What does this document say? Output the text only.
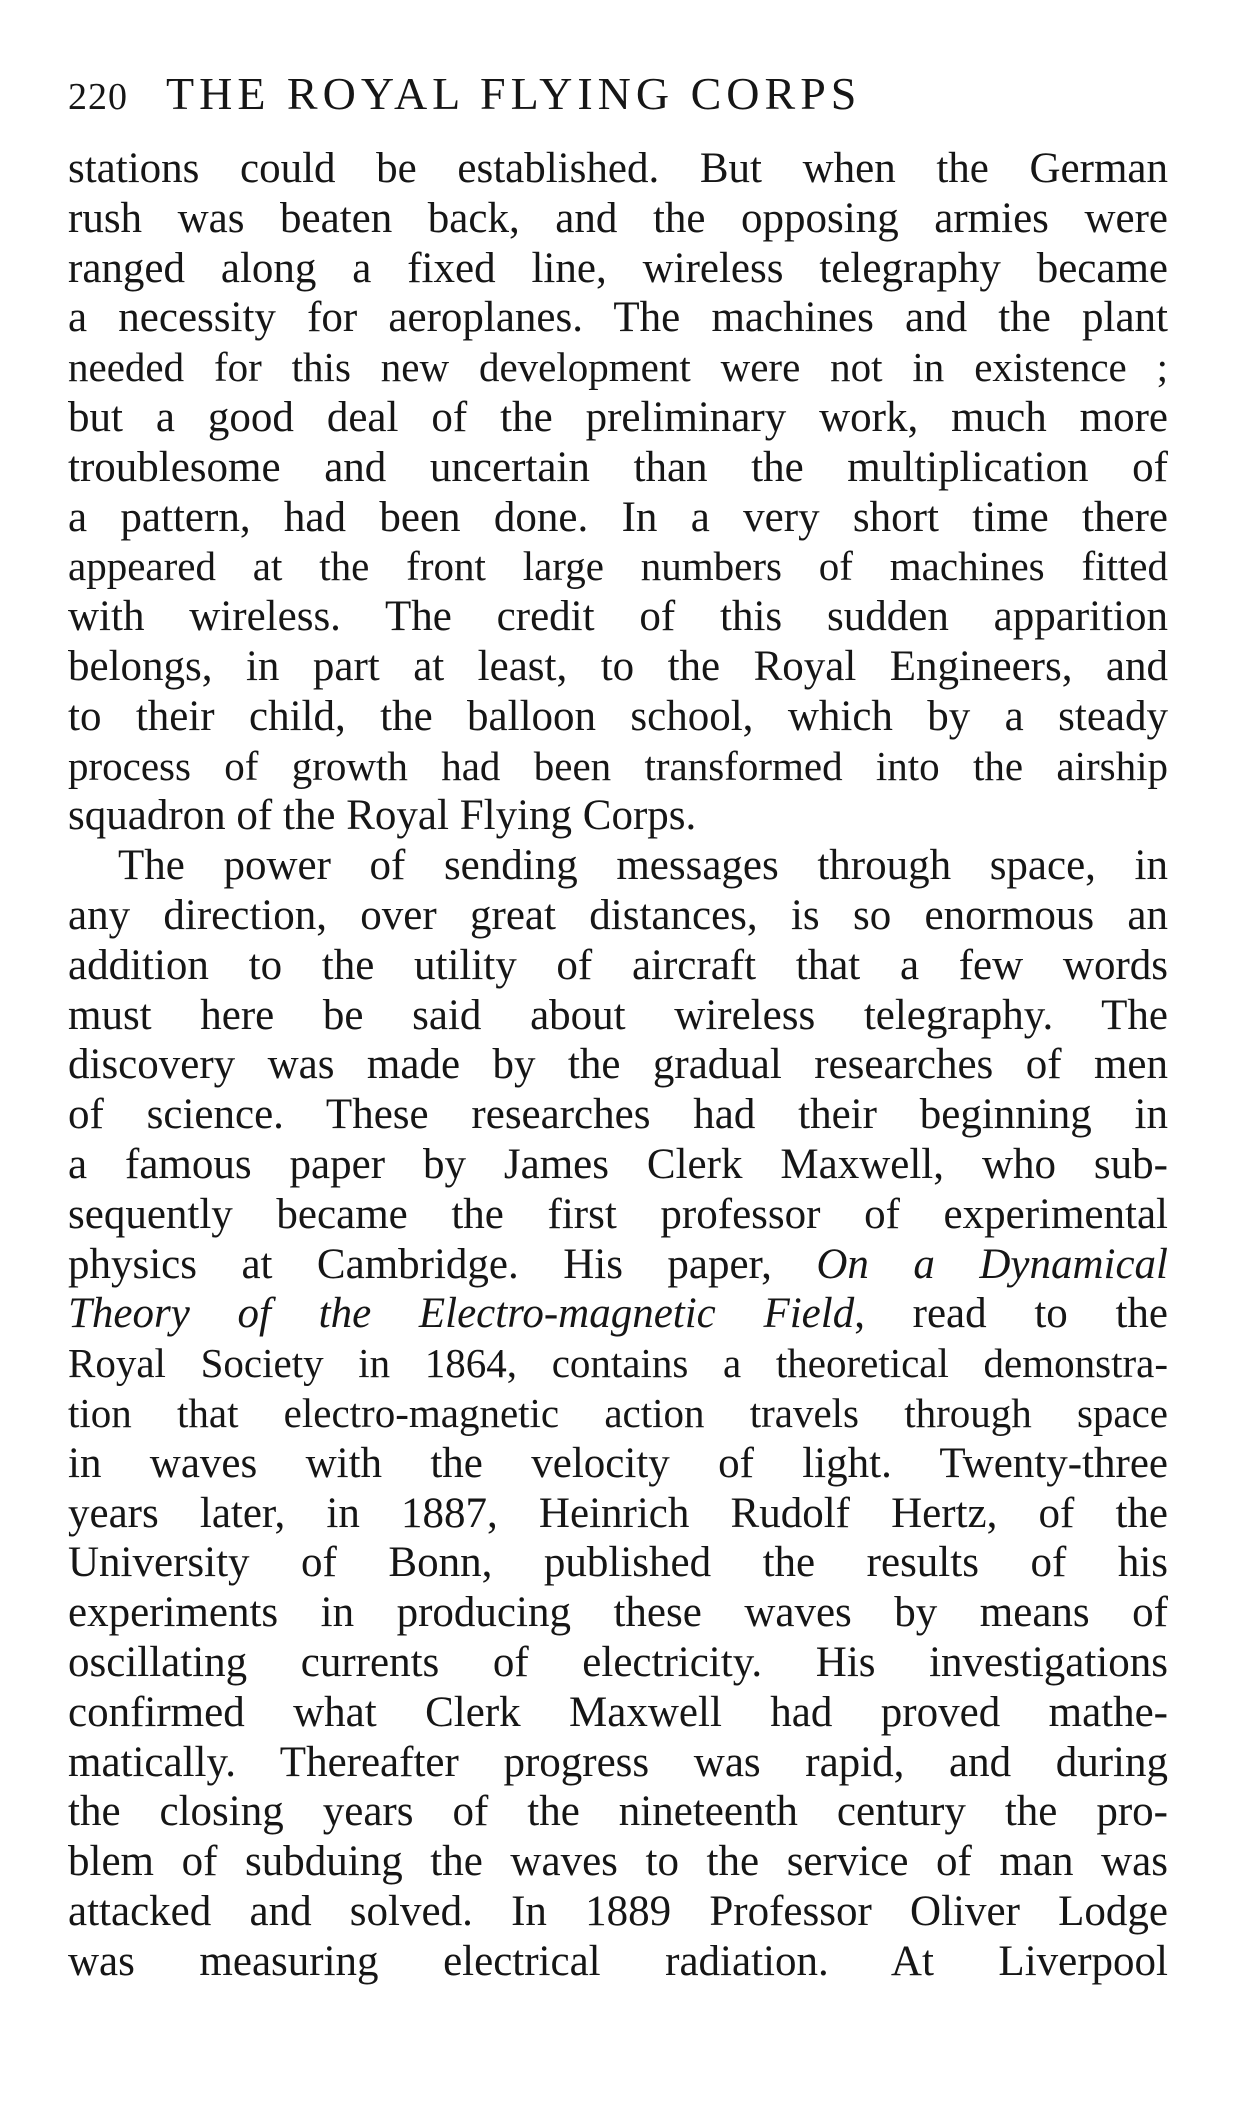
220 THE ROYAL FLYING CORPS
stations could be established. But when the German
rush was beaten back, and the opposing armies were
ranged along a fixed line, wireless telegraphy became
a necessity for aeroplanes. The machines and the plant
needed for this new development were not in existence ;
but a good deal of the preliminary work, much more
troublesome and uncertain than the multiplication of
a pattern, had been done. In a very short time there
appeared at the front large numbers of machines fitted
with wireless. The credit of this sudden apparition
belongs, in part at least, to the Royal Engineers, and
to their child, the balloon school, which by a steady
process of growth had been transformed into the airship
squadron of the Royal Flying Corps.
The power of sending messages through space, in
any direction, over great distances, is so enormous an
addition to the utility of aircraft that a few words
must here be said about wireless telegraphy. The
discovery was made by the gradual researches of men
of science. These researches had their beginning in
a famous paper by James Clerk Maxwell, who sub-
sequently became the first professor of experimental
physics at Cambridge. His paper, On a Dynamical
Theory of the Electro-magnetic Field, read to the
Royal Society in 1864, contains a theoretical demonstra-
tion that electro-magnetic action travels through space
in waves with the velocity of light. Twenty-three
years later, in 1887, Heinrich Rudolf Hertz, of the
University of Bonn, published the results of his
experiments in producing these waves by means of
oscillating currents of electricity. His investigations
confirmed what Clerk Maxwell had proved mathe-
matically. Thereafter progress was rapid, and during
the closing years of the nineteenth century the pro-
blem of subduing the waves to the service of man was
attacked and solved. In 1889 Professor Oliver Lodge
was measuring electrical radiation. At Liverpool
